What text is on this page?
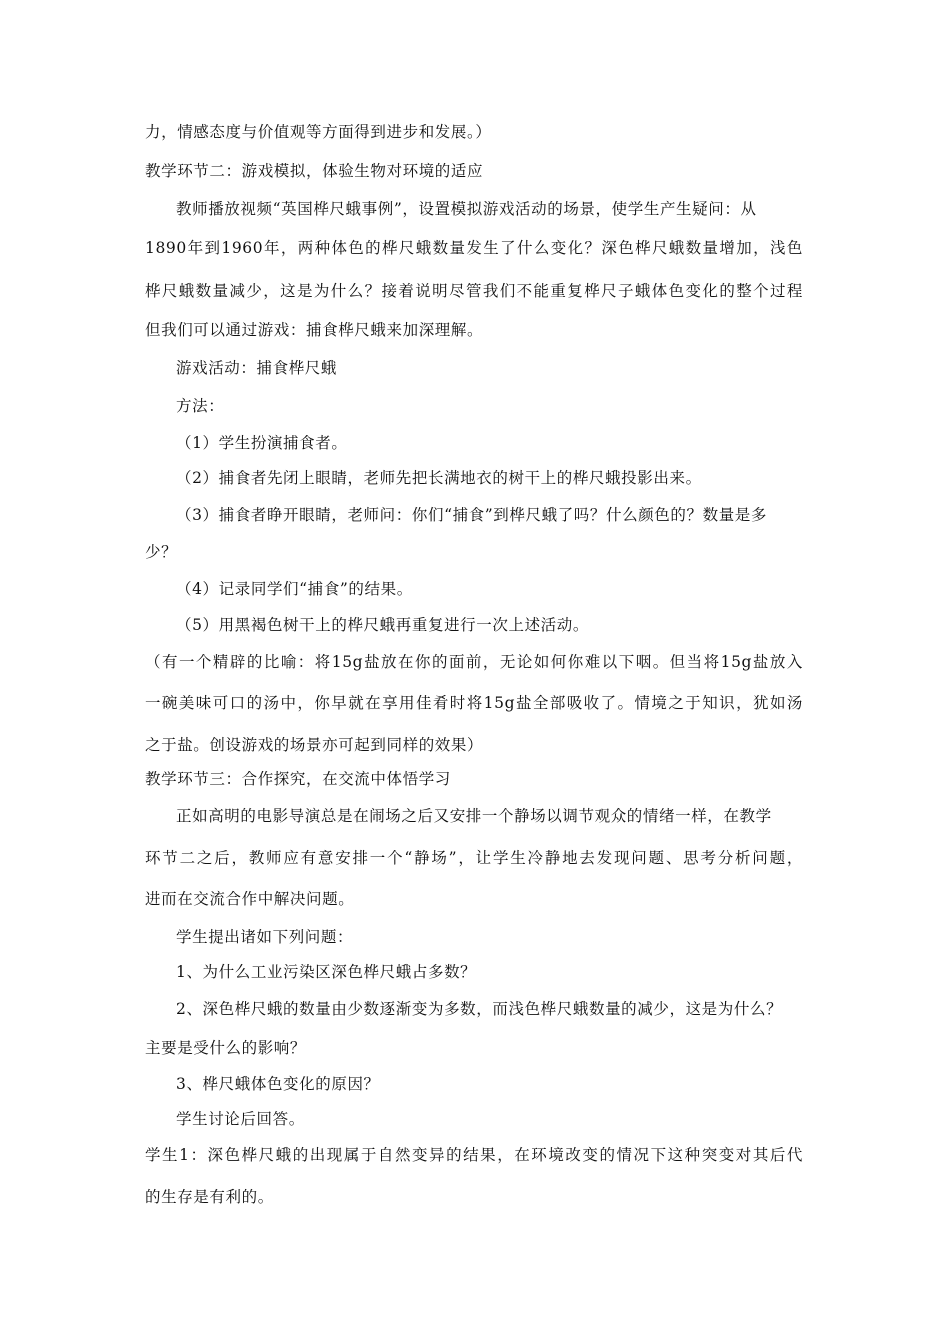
力，情感态度与价值观等方面得到进步和发展。）
教学环节二：游戏模拟，体验生物对环境的适应
教师播放视频“英国桦尺蛾事例”，设置模拟游戏活动的场景，使学生产生疑问：从
1890年到1960年，两种体色的桦尺蛾数量发生了什么变化？深色桦尺蛾数量增加，浅色
桦尺蛾数量减少，这是为什么？接着说明尽管我们不能重复桦尺子蛾体色变化的整个过程
但我们可以通过游戏：捕食桦尺蛾来加深理解。
游戏活动：捕食桦尺蛾
方法：
（1）学生扮演捕食者。
（2）捕食者先闭上眼睛，老师先把长满地衣的树干上的桦尺蛾投影出来。
（3）捕食者睁开眼睛，老师问：你们“捕食”到桦尺蛾了吗？什么颜色的？数量是多
少？
（4）记录同学们“捕食”的结果。
（5）用黑褐色树干上的桦尺蛾再重复进行一次上述活动。
（有一个精辟的比喻：将15g盐放在你的面前，无论如何你难以下咽。但当将15g盐放入
一碗美味可口的汤中，你早就在享用佳肴时将15g盐全部吸收了。情境之于知识，犹如汤
之于盐。创设游戏的场景亦可起到同样的效果）
教学环节三：合作探究，在交流中体悟学习
正如高明的电影导演总是在闹场之后又安排一个静场以调节观众的情绪一样，在教学
环节二之后，教师应有意安排一个“静场”，让学生冷静地去发现问题、思考分析问题，
进而在交流合作中解决问题。
学生提出诸如下列问题：
1、为什么工业污染区深色桦尺蛾占多数？
2、深色桦尺蛾的数量由少数逐渐变为多数，而浅色桦尺蛾数量的减少，这是为什么？
主要是受什么的影响？
3、桦尺蛾体色变化的原因？
学生讨论后回答。
学生1：深色桦尺蛾的出现属于自然变异的结果，在环境改变的情况下这种突变对其后代
的生存是有利的。
